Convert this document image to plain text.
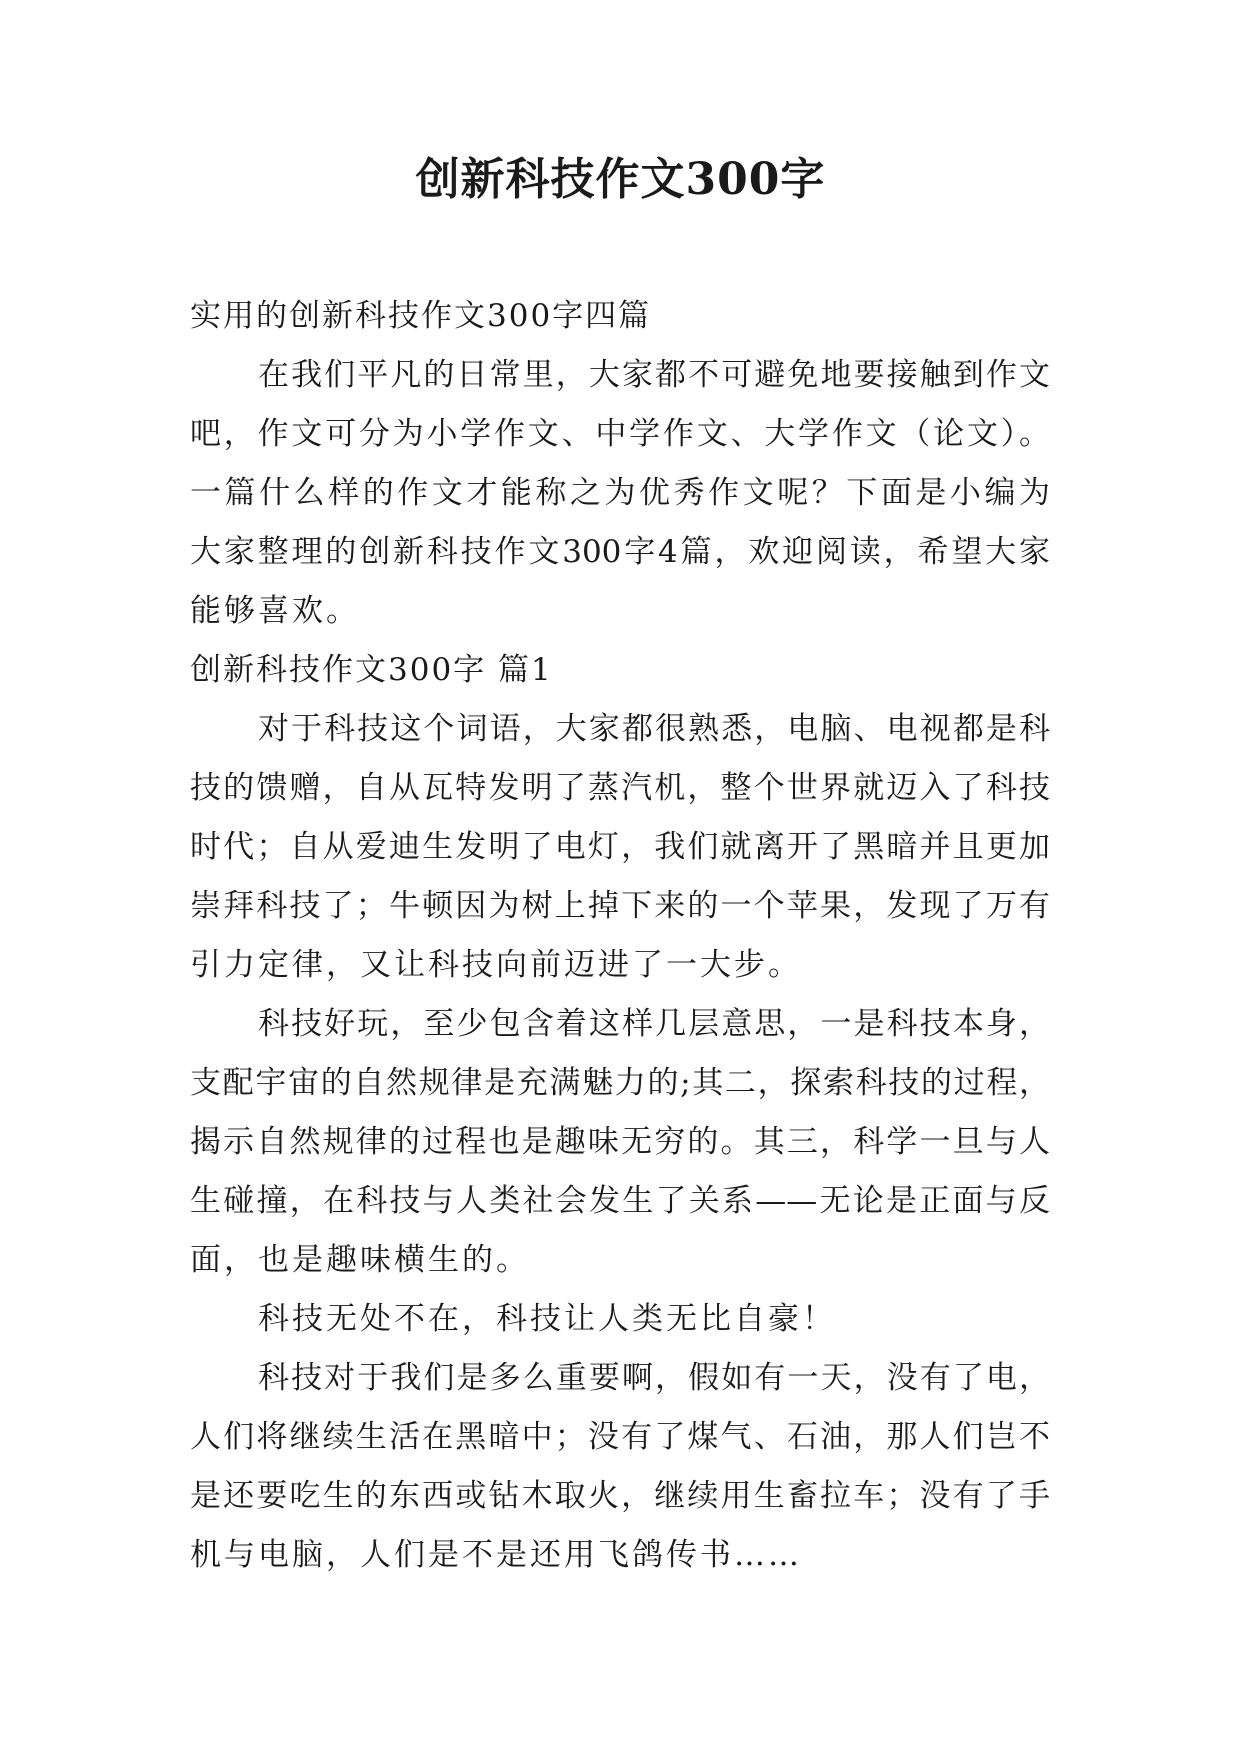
创新科技作文300字
实用的创新科技作文300字四篇
在我们平凡的日常里，大家都不可避免地要接触到作文
吧，作文可分为小学作文、中学作文、大学作文（论文）。
一篇什么样的作文才能称之为优秀作文呢？下面是小编为
大家整理的创新科技作文300字4篇，欢迎阅读，希望大家
能够喜欢。
创新科技作文300字 篇1
对于科技这个词语，大家都很熟悉，电脑、电视都是科
技的馈赠，自从瓦特发明了蒸汽机，整个世界就迈入了科技
时代；自从爱迪生发明了电灯，我们就离开了黑暗并且更加
崇拜科技了；牛顿因为树上掉下来的一个苹果，发现了万有
引力定律，又让科技向前迈进了一大步。
科技好玩，至少包含着这样几层意思，一是科技本身，
支配宇宙的自然规律是充满魅力的;其二，探索科技的过程，
揭示自然规律的过程也是趣味无穷的。其三，科学一旦与人
生碰撞，在科技与人类社会发生了关系——无论是正面与反
面，也是趣味横生的。
科技无处不在，科技让人类无比自豪！
科技对于我们是多么重要啊，假如有一天，没有了电，
人们将继续生活在黑暗中；没有了煤气、石油，那人们岂不
是还要吃生的东西或钻木取火，继续用生畜拉车；没有了手
机与电脑，人们是不是还用飞鸽传书……
